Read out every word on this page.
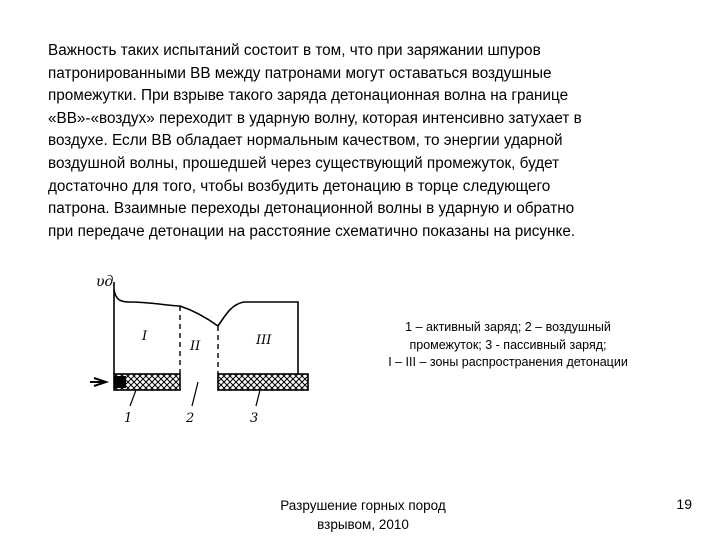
Важность таких испытаний состоит в том, что при заряжании шпуров
патронированными ВВ между патронами могут оставаться воздушные
промежутки. При взрыве такого заряда детонационная волна на границе
«ВВ»-«воздух» переходит в ударную волну, которая интенсивно затухает в
воздухе. Если ВВ обладает нормальным качеством, то энергии ударной
воздушной волны, прошедшей через существующий промежуток, будет
достаточно для того, чтобы возбудить детонацию в торце следующего
патрона. Взаимные переходы детонационной волны в ударную и обратно
при передаче детонации на расстояние схематично показаны на рисунке.
υд
I
II	III
1	2	3
1 – активный заряд; 2 – воздушный
промежуток; 3 - пассивный заряд;
I – III – зоны распространения детонации
Разрушение горных пород
взрывом, 2010
19
